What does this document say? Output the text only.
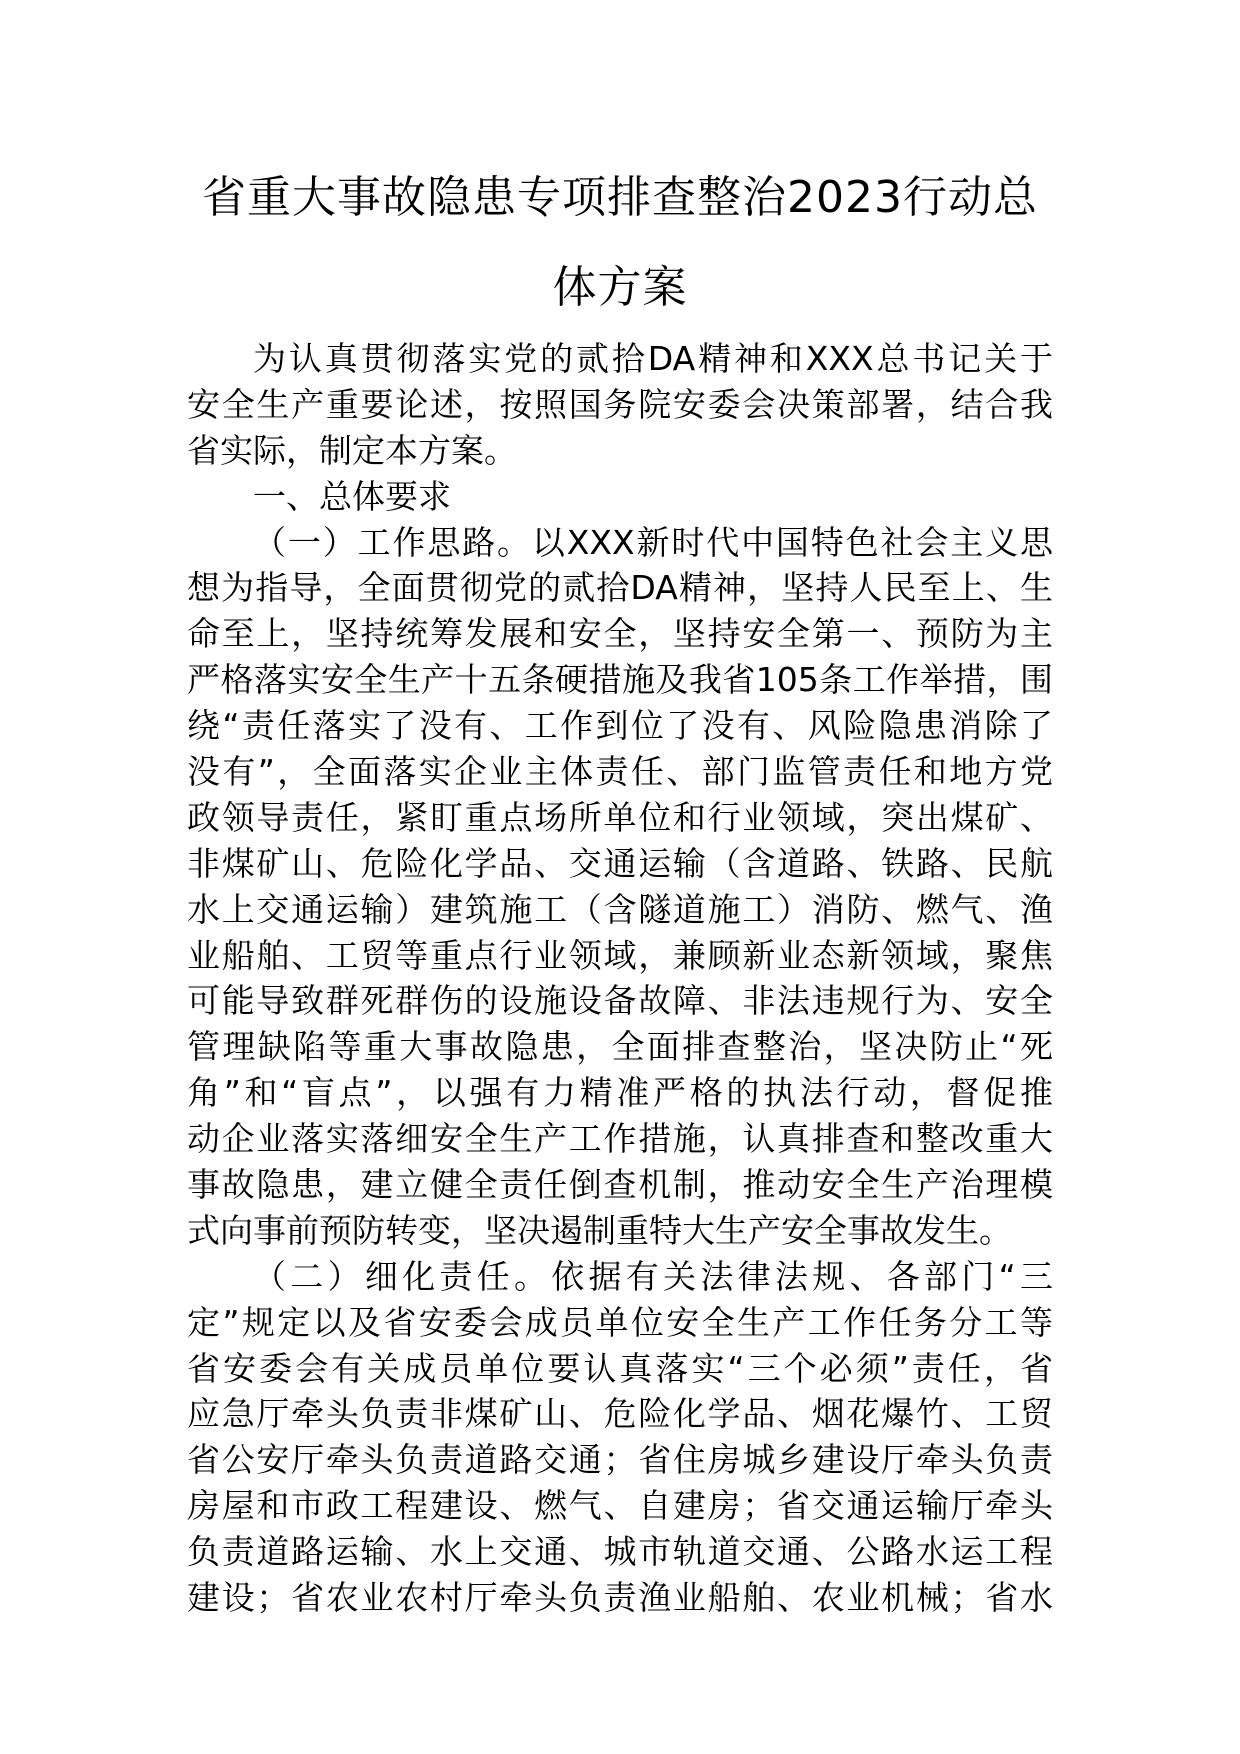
省重大事故隐患专项排查整治2023行动总
体方案
为认真贯彻落实党的贰拾DA精神和XXX总书记关于
安全生产重要论述，按照国务院安委会决策部署，结合我
省实际，制定本方案。
一、总体要求
（一）工作思路。以XXX新时代中国特色社会主义思
想为指导，全面贯彻党的贰拾DA精神，坚持人民至上、生
命至上，坚持统筹发展和安全，坚持安全第一、预防为主
严格落实安全生产十五条硬措施及我省105条工作举措，围
绕“责任落实了没有、工作到位了没有、风险隐患消除了
没有”，全面落实企业主体责任、部门监管责任和地方党
政领导责任，紧盯重点场所单位和行业领域，突出煤矿、
非煤矿山、危险化学品、交通运输（含道路、铁路、民航
水上交通运输）建筑施工（含隧道施工）消防、燃气、渔
业船舶、工贸等重点行业领域，兼顾新业态新领域，聚焦
可能导致群死群伤的设施设备故障、非法违规行为、安全
管理缺陷等重大事故隐患，全面排查整治，坚决防止“死
角”和“盲点”，以强有力精准严格的执法行动，督促推
动企业落实落细安全生产工作措施，认真排查和整改重大
事故隐患，建立健全责任倒查机制，推动安全生产治理模
式向事前预防转变，坚决遏制重特大生产安全事故发生。
（二）细化责任。依据有关法律法规、各部门“三
定”规定以及省安委会成员单位安全生产工作任务分工等
省安委会有关成员单位要认真落实“三个必须”责任，省
应急厅牵头负责非煤矿山、危险化学品、烟花爆竹、工贸
省公安厅牵头负责道路交通；省住房城乡建设厅牵头负责
房屋和市政工程建设、燃气、自建房；省交通运输厅牵头
负责道路运输、水上交通、城市轨道交通、公路水运工程
建设；省农业农村厅牵头负责渔业船舶、农业机械；省水
